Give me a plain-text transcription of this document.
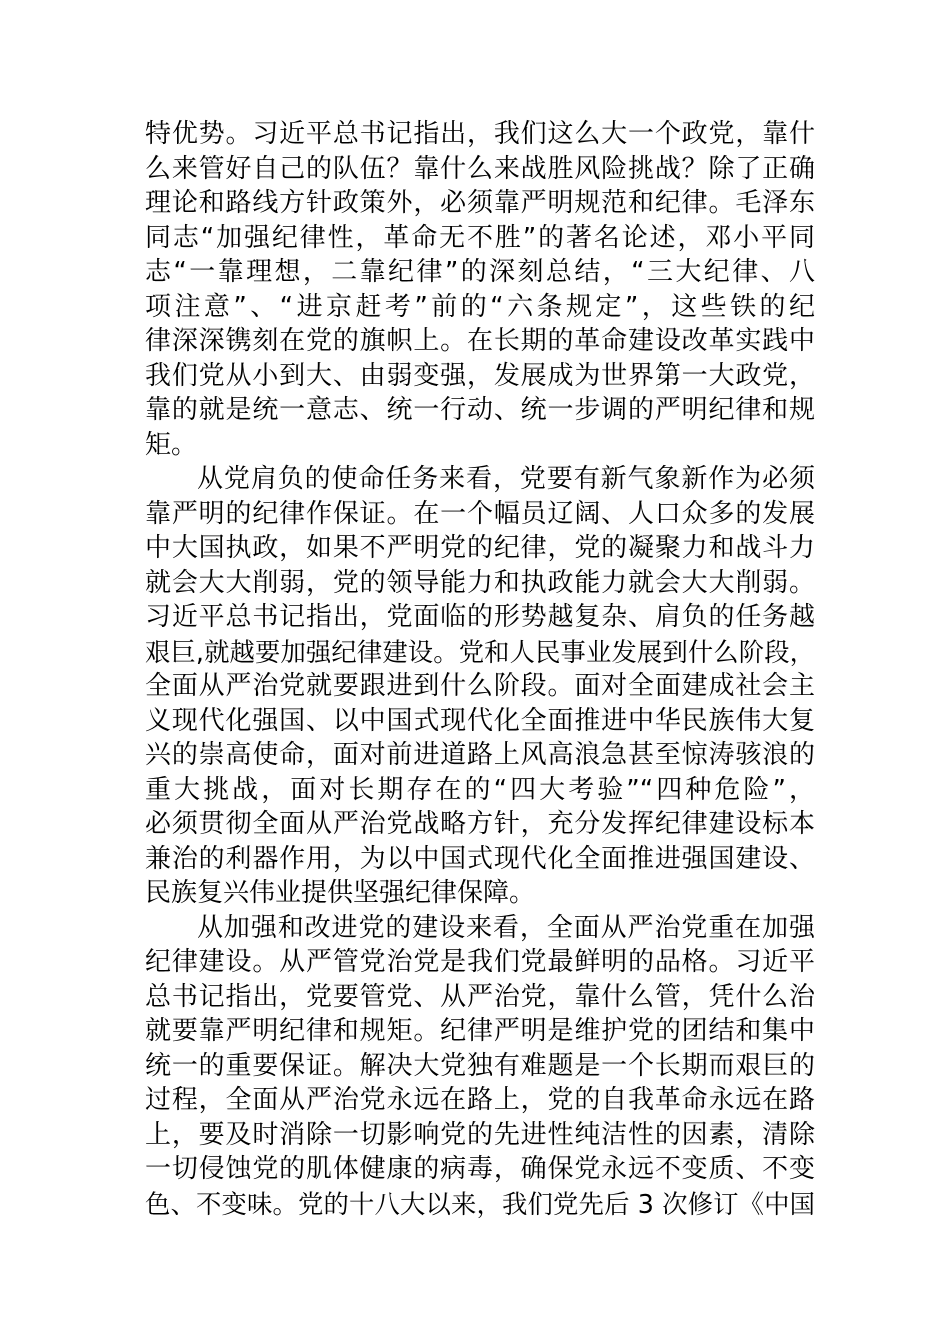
特优势。习近平总书记指出，我们这么大一个政党，靠什
么来管好自己的队伍？靠什么来战胜风险挑战？除了正确
理论和路线方针政策外，必须靠严明规范和纪律。毛泽东
同志“加强纪律性，革命无不胜”的著名论述，邓小平同
志“一靠理想，二靠纪律”的深刻总结，“三大纪律、八
项注意”、“进京赶考”前的“六条规定”，这些铁的纪
律深深镌刻在党的旗帜上。在长期的革命建设改革实践中
我们党从小到大、由弱变强，发展成为世界第一大政党，
靠的就是统一意志、统一行动、统一步调的严明纪律和规
矩。
从党肩负的使命任务来看，党要有新气象新作为必须
靠严明的纪律作保证。在一个幅员辽阔、人口众多的发展
中大国执政，如果不严明党的纪律，党的凝聚力和战斗力
就会大大削弱，党的领导能力和执政能力就会大大削弱。
习近平总书记指出，党面临的形势越复杂、肩负的任务越
艰巨,就越要加强纪律建设。党和人民事业发展到什么阶段，
全面从严治党就要跟进到什么阶段。面对全面建成社会主
义现代化强国、以中国式现代化全面推进中华民族伟大复
兴的崇高使命，面对前进道路上风高浪急甚至惊涛骇浪的
重大挑战，面对长期存在的“四大考验”“四种危险”，
必须贯彻全面从严治党战略方针，充分发挥纪律建设标本
兼治的利器作用，为以中国式现代化全面推进强国建设、
民族复兴伟业提供坚强纪律保障。
从加强和改进党的建设来看，全面从严治党重在加强
纪律建设。从严管党治党是我们党最鲜明的品格。习近平
总书记指出，党要管党、从严治党，靠什么管，凭什么治
就要靠严明纪律和规矩。纪律严明是维护党的团结和集中
统一的重要保证。解决大党独有难题是一个长期而艰巨的
过程，全面从严治党永远在路上，党的自我革命永远在路
上，要及时消除一切影响党的先进性纯洁性的因素，清除
一切侵蚀党的肌体健康的病毒，确保党永远不变质、不变
色、不变味。党的十八大以来，我们党先后 3 次修订《中国
